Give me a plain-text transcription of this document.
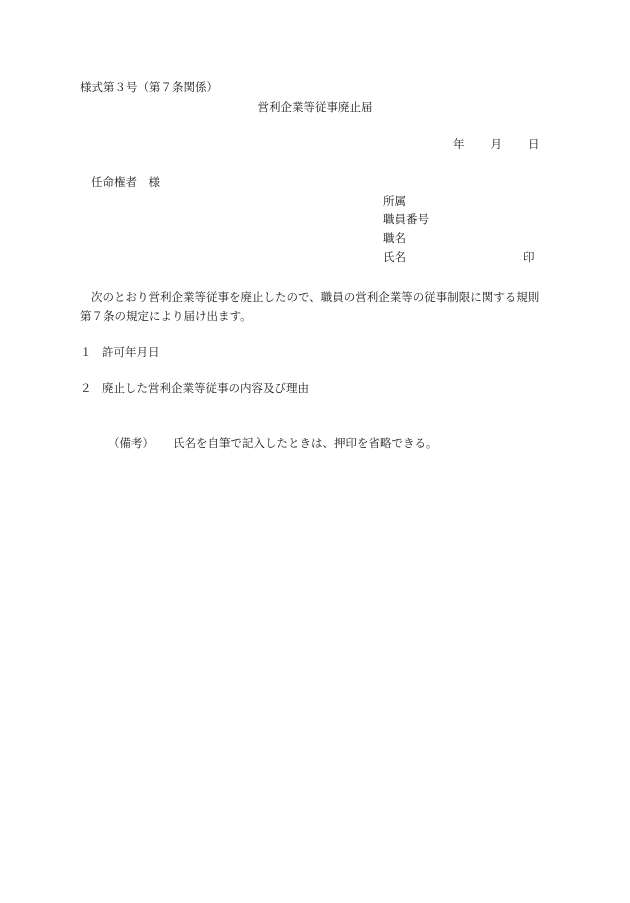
様式第３号（第７条関係）
営利企業等従事廃止届
年 月 日
任命権者　様
所属
職員番号
職名
氏名	印
次のとおり営利企業等従事を廃止したので、職員の営利企業等の従事制限に関する規則第７条の規定により届け出ます。
１ 許可年月日
２ 廃止した営利企業等従事の内容及び理由
（備考） 氏名を自筆で記入したときは、押印を省略できる。
